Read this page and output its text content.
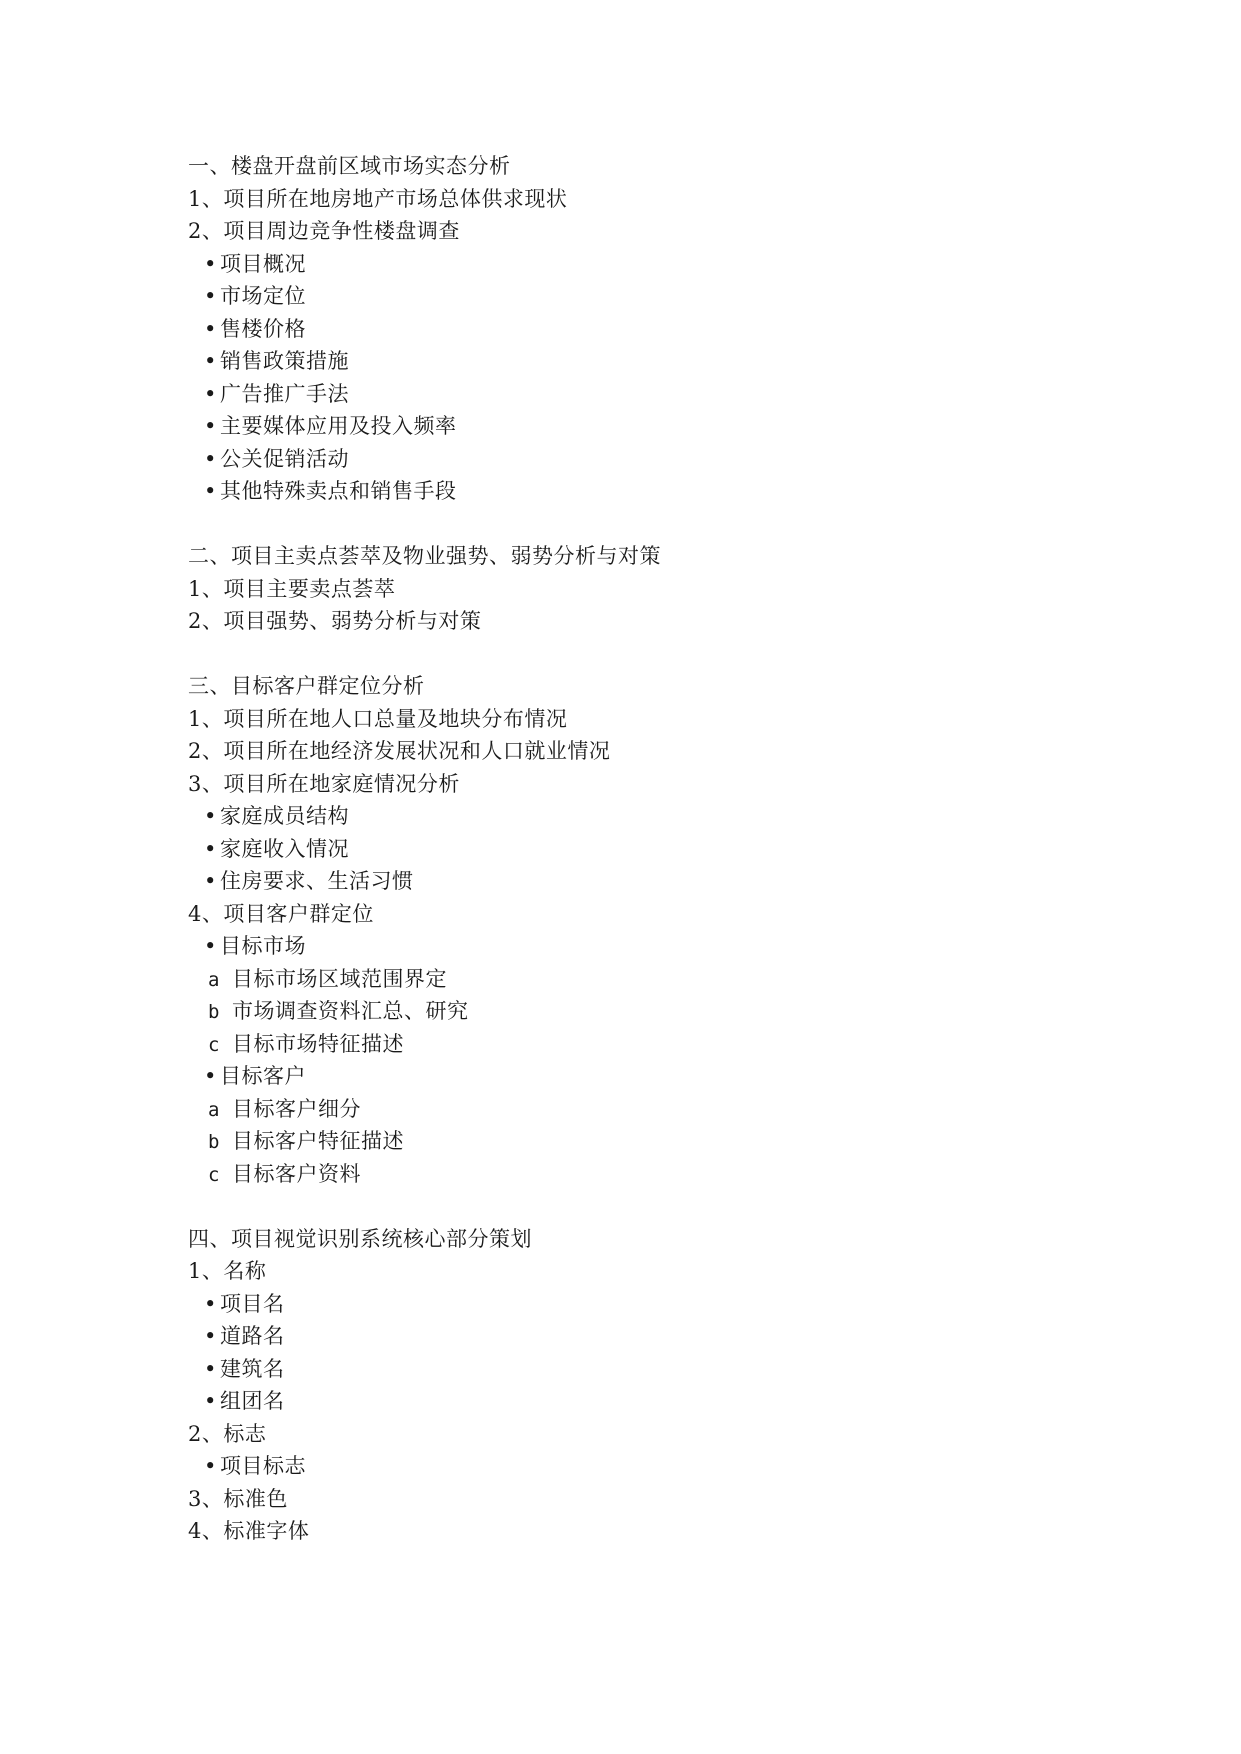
一、楼盘开盘前区域市场实态分析
1、项目所在地房地产市场总体供求现状
2、项目周边竞争性楼盘调查
• 项目概况
• 市场定位
• 售楼价格
• 销售政策措施
• 广告推广手法
• 主要媒体应用及投入频率
• 公关促销活动
• 其他特殊卖点和销售手段
二、项目主卖点荟萃及物业强势、弱势分析与对策
1、项目主要卖点荟萃
2、项目强势、弱势分析与对策
三、目标客户群定位分析
1、项目所在地人口总量及地块分布情况
2、项目所在地经济发展状况和人口就业情况
3、项目所在地家庭情况分析
• 家庭成员结构
• 家庭收入情况
• 住房要求、生活习惯
4、项目客户群定位
• 目标市场
a 目标市场区域范围界定
b 市场调查资料汇总、研究
c 目标市场特征描述
• 目标客户
a 目标客户细分
b 目标客户特征描述
c 目标客户资料
四、项目视觉识别系统核心部分策划
1、名称
• 项目名
• 道路名
• 建筑名
• 组团名
2、标志
• 项目标志
3、标准色
4、标准字体
